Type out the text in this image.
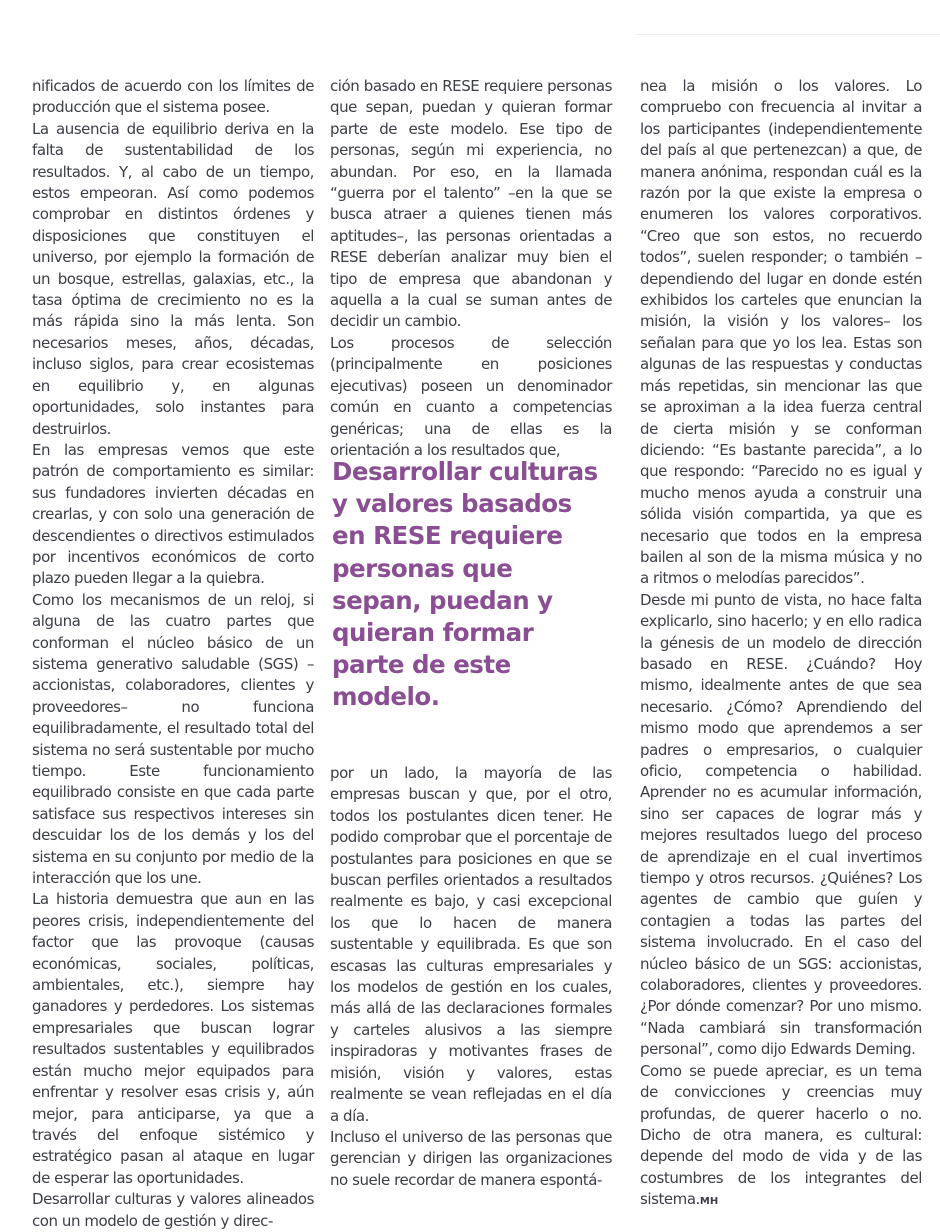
nificados de acuerdo con los límites de producción que el sistema posee.

La ausencia de equilibrio deriva en la falta de sustentabilidad de los resultados. Y, al cabo de un tiempo, estos empeoran. Así como podemos comprobar en distintos órdenes y disposiciones que constituyen el universo, por ejemplo la formación de un bosque, estrellas, galaxias, etc., la tasa óptima de crecimiento no es la más rápida sino la más lenta. Son necesarios meses, años, décadas, incluso siglos, para crear ecosistemas en equilibrio y, en algunas oportunidades, solo instantes para destruirlos.

En las empresas vemos que este patrón de comportamiento es similar: sus fundadores invierten décadas en crearlas, y con solo una generación de descendientes o directivos estimulados por incentivos económicos de corto plazo pueden llegar a la quiebra.

Como los mecanismos de un reloj, si alguna de las cuatro partes que conforman el núcleo básico de un sistema generativo saludable (SGS) –accionistas, colaboradores, clientes y proveedores– no funciona equilibradamente, el resultado total del sistema no será sustentable por mucho tiempo. Este funcionamiento equilibrado consiste en que cada parte satisface sus respectivos intereses sin descuidar los de los demás y los del sistema en su conjunto por medio de la interacción que los une.

La historia demuestra que aun en las peores crisis, independientemente del factor que las provoque (causas económicas, sociales, políticas, ambientales, etc.), siempre hay ganadores y perdedores. Los sistemas empresariales que buscan lograr resultados sustentables y equilibrados están mucho mejor equipados para enfrentar y resolver esas crisis y, aún mejor, para anticiparse, ya que a través del enfoque sistémico y estratégico pasan al ataque en lugar de esperar las oportunidades.

Desarrollar culturas y valores alineados con un modelo de gestión y direc-

ción basado en RESE requiere personas que sepan, puedan y quieran formar parte de este modelo. Ese tipo de personas, según mi experiencia, no abundan. Por eso, en la llamada “guerra por el talento” –en la que se busca atraer a quienes tienen más aptitudes–, las personas orientadas a RESE deberían analizar muy bien el tipo de empresa que abandonan y aquella a la cual se suman antes de decidir un cambio.

Los procesos de selección (principalmente en posiciones ejecutivas) poseen un denominador común en cuanto a competencias genéricas; una de ellas es la orientación a los resultados que,

Desarrollar culturas y valores basados en RESE requiere personas que sepan, puedan y quieran formar parte de este modelo.

por un lado, la mayoría de las empresas buscan y que, por el otro, todos los postulantes dicen tener. He podido comprobar que el porcentaje de postulantes para posiciones en que se buscan perfiles orientados a resultados realmente es bajo, y casi excepcional los que lo hacen de manera sustentable y equilibrada. Es que son escasas las culturas empresariales y los modelos de gestión en los cuales, más allá de las declaraciones formales y carteles alusivos a las siempre inspiradoras y motivantes frases de misión, visión y valores, estas realmente se vean reflejadas en el día a día.

Incluso el universo de las personas que gerencian y dirigen las organizaciones no suele recordar de manera espontá-

nea la misión o los valores. Lo compruebo con frecuencia al invitar a los participantes (independientemente del país al que pertenezcan) a que, de manera anónima, respondan cuál es la razón por la que existe la empresa o enumeren los valores corporativos. “Creo que son estos, no recuerdo todos”, suelen responder; o también –dependiendo del lugar en donde estén exhibidos los carteles que enuncian la misión, la visión y los valores– los señalan para que yo los lea. Estas son algunas de las respuestas y conductas más repetidas, sin mencionar las que se aproximan a la idea fuerza central de cierta misión y se conforman diciendo: “Es bastante parecida”, a lo que respondo: “Parecido no es igual y mucho menos ayuda a construir una sólida visión compartida, ya que es necesario que todos en la empresa bailen al son de la misma música y no a ritmos o melodías parecidos”.

Desde mi punto de vista, no hace falta explicarlo, sino hacerlo; y en ello radica la génesis de un modelo de dirección basado en RESE. ¿Cuándo? Hoy mismo, idealmente antes de que sea necesario. ¿Cómo? Aprendiendo del mismo modo que aprendemos a ser padres o empresarios, o cualquier oficio, competencia o habilidad. Aprender no es acumular información, sino ser capaces de lograr más y mejores resultados luego del proceso de aprendizaje en el cual invertimos tiempo y otros recursos. ¿Quiénes? Los agentes de cambio que guíen y contagien a todas las partes del sistema involucrado. En el caso del núcleo básico de un SGS: accionistas, colaboradores, clientes y proveedores. ¿Por dónde comenzar? Por uno mismo. “Nada cambiará sin transformación personal”, como dijo Edwards Deming.

Como se puede apreciar, es un tema de convicciones y creencias muy profundas, de querer hacerlo o no. Dicho de otra manera, es cultural: depende del modo de vida y de las costumbres de los integrantes del sistema.MH
